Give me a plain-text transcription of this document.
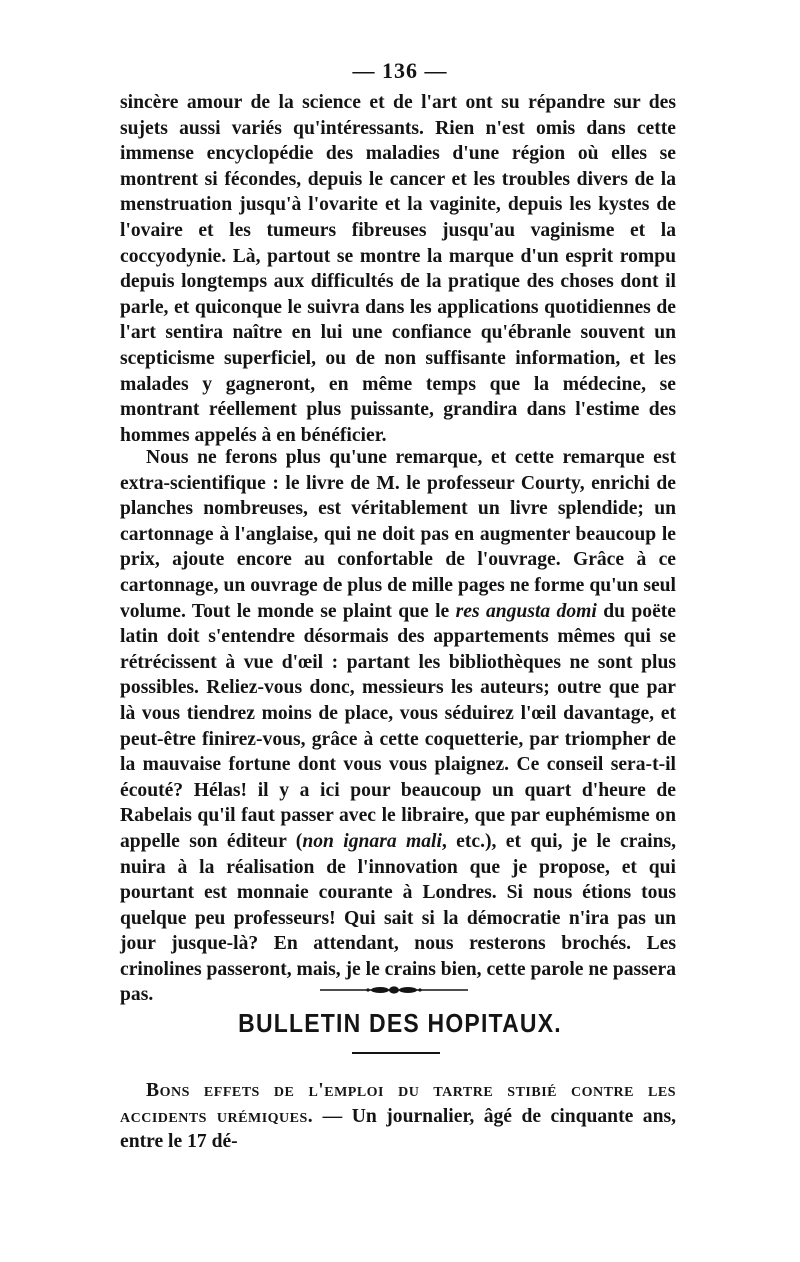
— 136 —

sincère amour de la science et de l'art ont su répandre sur des sujets aussi variés qu'intéressants. Rien n'est omis dans cette immense encyclopédie des maladies d'une région où elles se montrent si fécondes, depuis le cancer et les troubles divers de la menstruation jusqu'à l'ovarite et la vaginite, depuis les kystes de l'ovaire et les tumeurs fibreuses jusqu'au vaginisme et la coccyodynie. Là, partout se montre la marque d'un esprit rompu depuis longtemps aux difficultés de la pratique des choses dont il parle, et quiconque le suivra dans les applications quotidiennes de l'art sentira naître en lui une confiance qu'ébranle souvent un scepticisme superficiel, ou de non suffisante information, et les malades y gagneront, en même temps que la médecine, se montrant réellement plus puissante, grandira dans l'estime des hommes appelés à en bénéficier.

Nous ne ferons plus qu'une remarque, et cette remarque est extra-scientifique : le livre de M. le professeur Courty, enrichi de planches nombreuses, est véritablement un livre splendide; un cartonnage à l'anglaise, qui ne doit pas en augmenter beaucoup le prix, ajoute encore au confortable de l'ouvrage. Grâce à ce cartonnage, un ouvrage de plus de mille pages ne forme qu'un seul volume. Tout le monde se plaint que le res angusta domi du poëte latin doit s'entendre désormais des appartements mêmes qui se rétrécissent à vue d'œil : partant les bibliothèques ne sont plus possibles. Reliez-vous donc, messieurs les auteurs; outre que par là vous tiendrez moins de place, vous séduirez l'œil davantage, et peut-être finirez-vous, grâce à cette coquetterie, par triompher de la mauvaise fortune dont vous vous plaignez. Ce conseil sera-t-il écouté? Hélas! il y a ici pour beaucoup un quart d'heure de Rabelais qu'il faut passer avec le libraire, que par euphémisme on appelle son éditeur (non ignara mali, etc.), et qui, je le crains, nuira à la réalisation de l'innovation que je propose, et qui pourtant est monnaie courante à Londres. Si nous étions tous quelque peu professeurs! Qui sait si la démocratie n'ira pas un jour jusque-là? En attendant, nous resterons brochés. Les crinolines passeront, mais, je le crains bien, cette parole ne passera pas.

BULLETIN DES HOPITAUX.

Bons effets de l'emploi du tartre stibié contre les accidents urémiques. — Un journalier, âgé de cinquante ans, entre le 17 dé-
